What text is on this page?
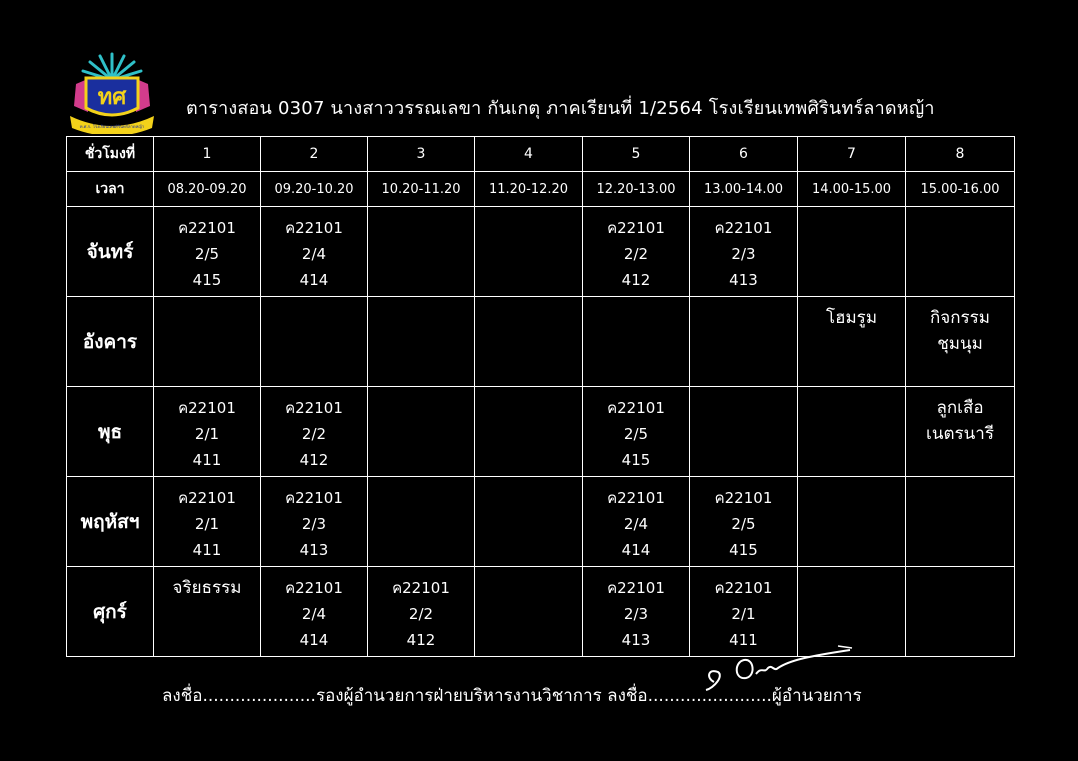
ทศ
ท.ศ.ร. โรงเรียนเทพศิรินทร์ลาดหญ้า
ตารางสอน 0307 นางสาววรรณเลขา กันเกตุ ภาคเรียนที่ 1/2564 โรงเรียนเทพศิรินทร์ลาดหญ้า
ชั่วโมงที่	1	2	3	4	5	6	7	8
เวลา	08.20-09.20	09.20-10.20	10.20-11.20	11.20-12.20	12.20-13.00	13.00-14.00	14.00-15.00	15.00-16.00
จันทร์	ค22101
2/5
415	ค22101
2/4
414			ค22101
2/2
412	ค22101
2/3
413		

อังคาร							โฮมรูม	กิจกรรม
ชุมนุม

พุธ	ค22101
2/1
411	ค22101
2/2
412			ค22101
2/5
415			ลูกเสือ
เนตรนารี

พฤหัสฯ	ค22101
2/1
411	ค22101
2/3
413			ค22101
2/4
414	ค22101
2/5
415		

ศุกร์	จริยธรรม	ค22101
2/4
414	ค22101
2/2
412		ค22101
2/3
413	ค22101
2/1
411		

ลงชื่อ.....................รองผู้อำนวยการฝ่ายบริหารงานวิชาการ ลงชื่อ.......................ผู้อำนวยการ
